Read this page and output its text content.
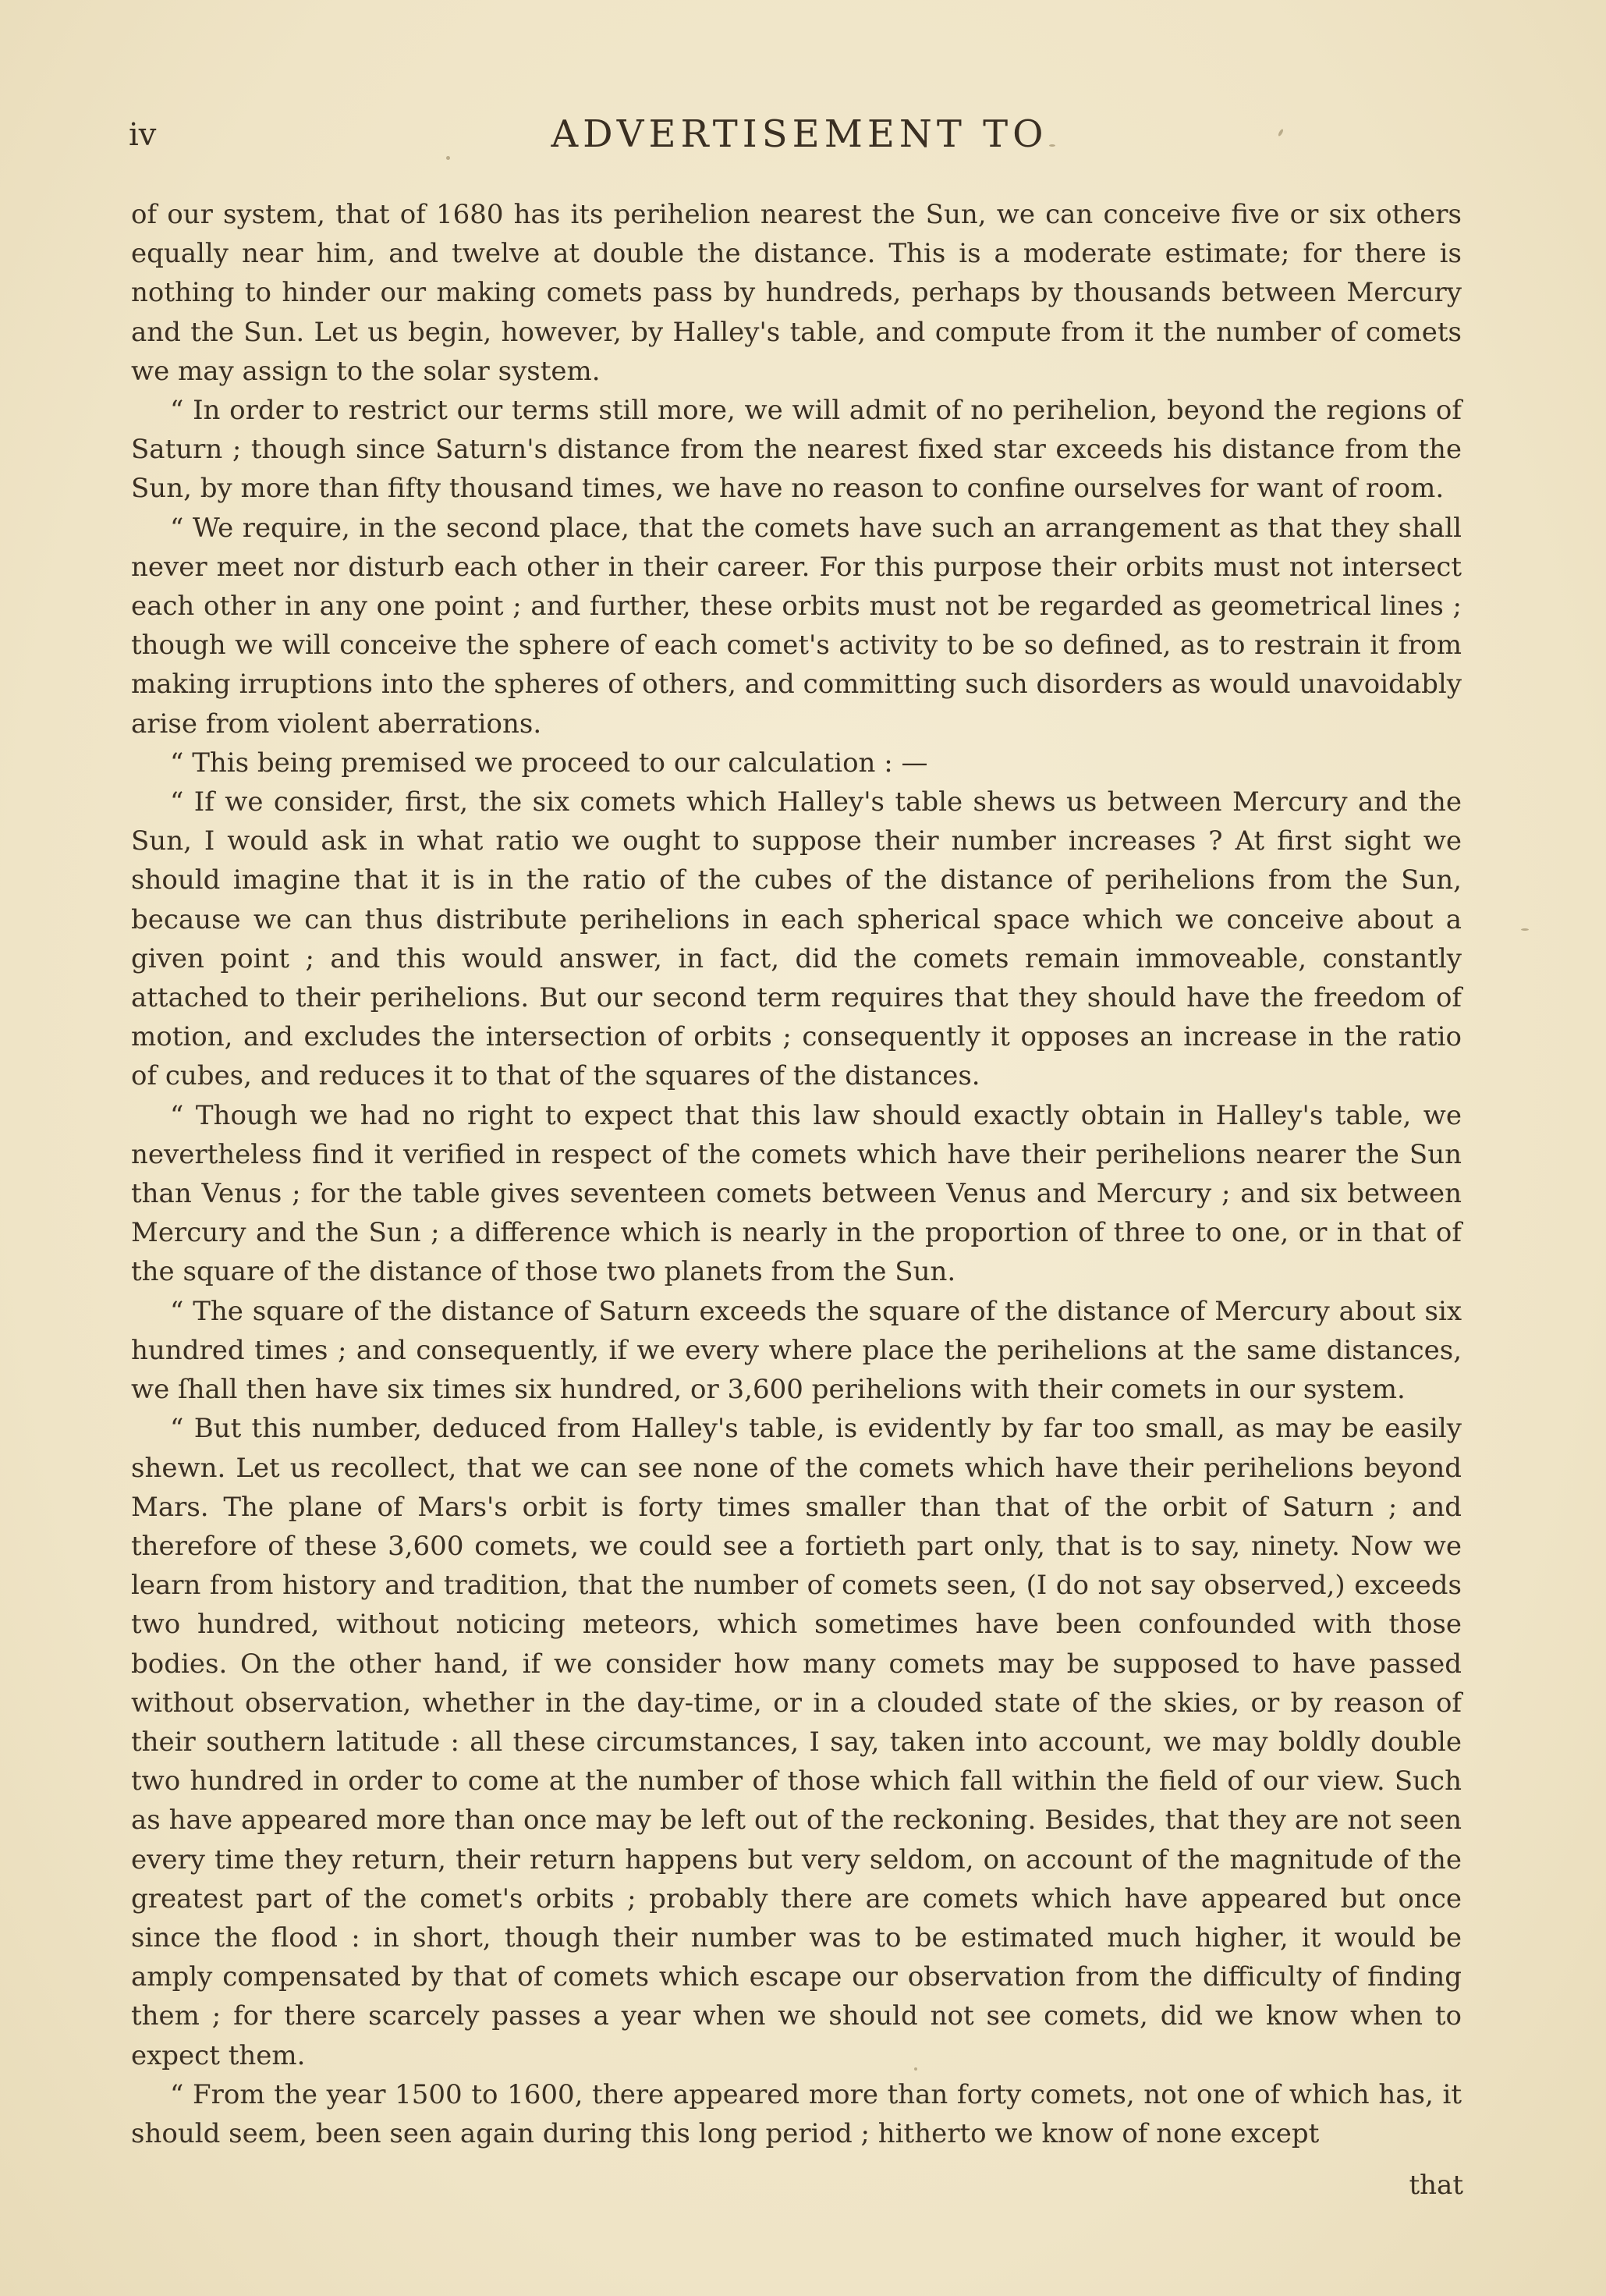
iv	ADVERTISEMENT TO

of our system, that of 1680 has its perihelion nearest the Sun, we can conceive five or six others equally near him, and twelve at double the distance. This is a moderate estimate; for there is nothing to hinder our making comets pass by hundreds, perhaps by thousands between Mercury and the Sun. Let us begin, however, by Halley's table, and compute from it the number of comets we may assign to the solar system.

“ In order to restrict our terms still more, we will admit of no perihelion, beyond the regions of Saturn ; though since Saturn's distance from the nearest fixed star exceeds his distance from the Sun, by more than fifty thousand times, we have no reason to confine ourselves for want of room.

“ We require, in the second place, that the comets have such an arrangement as that they shall never meet nor disturb each other in their career. For this purpose their orbits must not intersect each other in any one point ; and further, these orbits must not be regarded as geometrical lines ; though we will conceive the sphere of each comet's activity to be so defined, as to restrain it from making irruptions into the spheres of others, and committing such disorders as would unavoidably arise from violent aberrations.

“ This being premised we proceed to our calculation : —

“ If we consider, first, the six comets which Halley's table shews us between Mercury and the Sun, I would ask in what ratio we ought to suppose their number increases ? At first sight we should imagine that it is in the ratio of the cubes of the distance of perihelions from the Sun, because we can thus distribute perihelions in each spherical space which we conceive about a given point ; and this would answer, in fact, did the comets remain immoveable, constantly attached to their perihelions. But our second term requires that they should have the freedom of motion, and excludes the intersection of orbits ; consequently it opposes an increase in the ratio of cubes, and reduces it to that of the squares of the distances.

“ Though we had no right to expect that this law should exactly obtain in Halley's table, we nevertheless find it verified in respect of the comets which have their perihelions nearer the Sun than Venus ; for the table gives seventeen comets between Venus and Mercury ; and six between Mercury and the Sun ; a difference which is nearly in the proportion of three to one, or in that of the square of the distance of those two planets from the Sun.

“ The square of the distance of Saturn exceeds the square of the distance of Mercury about six hundred times ; and consequently, if we every where place the perihelions at the same distances, we ſhall then have six times six hundred, or 3,600 perihelions with their comets in our system.

“ But this number, deduced from Halley's table, is evidently by far too small, as may be easily shewn. Let us recollect, that we can see none of the comets which have their perihelions beyond Mars. The plane of Mars's orbit is forty times smaller than that of the orbit of Saturn ; and therefore of these 3,600 comets, we could see a fortieth part only, that is to say, ninety. Now we learn from history and tradition, that the number of comets seen, (I do not say observed,) exceeds two hundred, without noticing meteors, which sometimes have been confounded with those bodies. On the other hand, if we consider how many comets may be supposed to have passed without observation, whether in the day-time, or in a clouded state of the skies, or by reason of their southern latitude : all these circumstances, I say, taken into account, we may boldly double two hundred in order to come at the number of those which fall within the field of our view. Such as have appeared more than once may be left out of the reckoning. Besides, that they are not seen every time they return, their return happens but very seldom, on account of the magnitude of the greatest part of the comet's orbits ; probably there are comets which have appeared but once since the flood : in short, though their number was to be estimated much higher, it would be amply compensated by that of comets which escape our observation from the difficulty of finding them ; for there scarcely passes a year when we should not see comets, did we know when to expect them.

“ From the year 1500 to 1600, there appeared more than forty comets, not one of which has, it should seem, been seen again during this long period ; hitherto we know of none except

that
